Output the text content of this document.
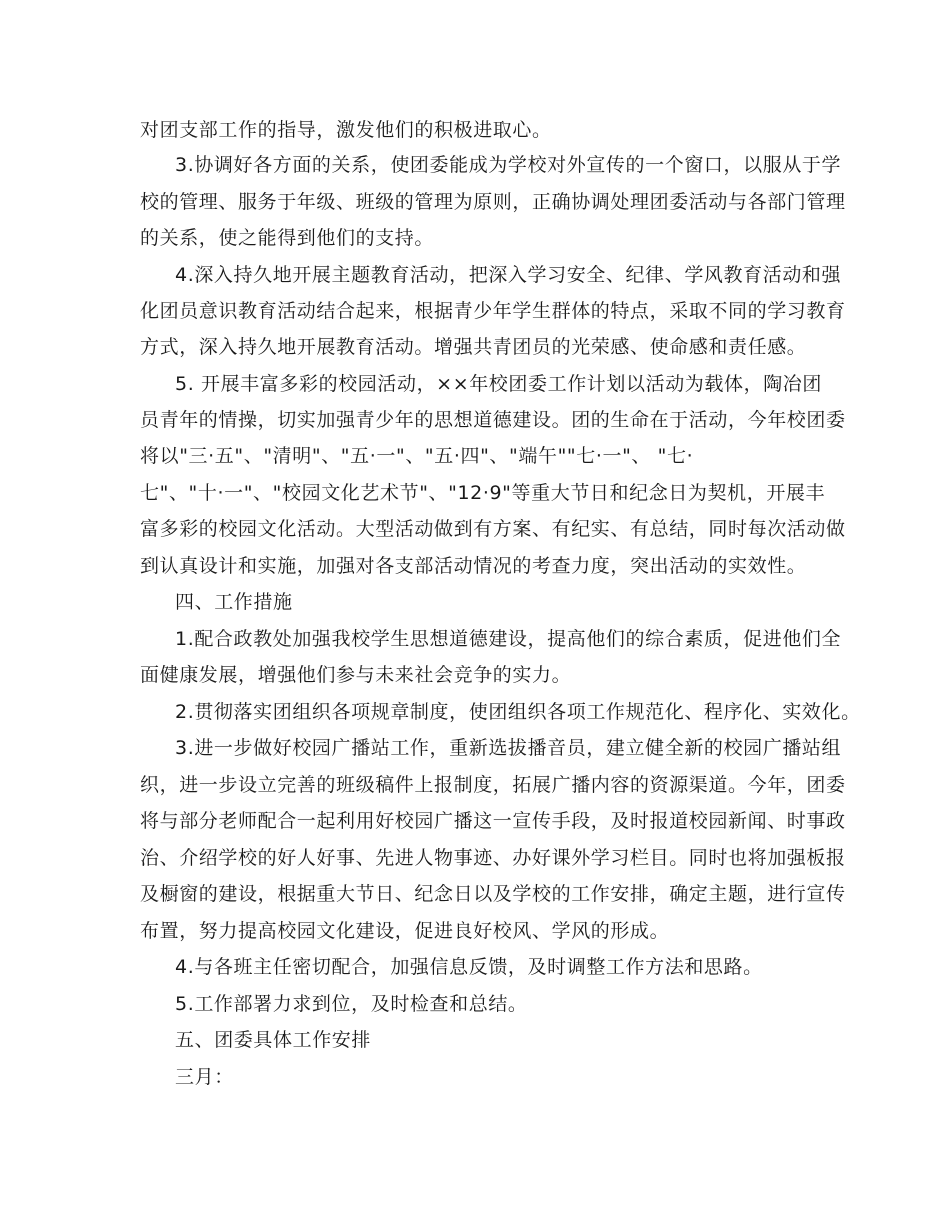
对团支部工作的指导，激发他们的积极进取心。

3.协调好各方面的关系，使团委能成为学校对外宣传的一个窗口，以服从于学

校的管理、服务于年级、班级的管理为原则，正确协调处理团委活动与各部门管理

的关系，使之能得到他们的支持。

4.深入持久地开展主题教育活动，把深入学习安全、纪律、学风教育活动和强

化团员意识教育活动结合起来，根据青少年学生群体的特点，采取不同的学习教育

方式，深入持久地开展教育活动。增强共青团员的光荣感、使命感和责任感。

5. 开展丰富多彩的校园活动，××年校团委工作计划以活动为载体，陶冶团

员青年的情操，切实加强青少年的思想道德建设。团的生命在于活动，今年校团委

将以"三·五"、"清明"、"五·一"、"五·四"、"端午""七·一"、 "七·

七"、"十·一"、"校园文化艺术节"、"12·9"等重大节日和纪念日为契机，开展丰

富多彩的校园文化活动。大型活动做到有方案、有纪实、有总结，同时每次活动做

到认真设计和实施，加强对各支部活动情况的考查力度，突出活动的实效性。

四、工作措施

1.配合政教处加强我校学生思想道德建设，提高他们的综合素质，促进他们全

面健康发展，增强他们参与未来社会竞争的实力。

2.贯彻落实团组织各项规章制度，使团组织各项工作规范化、程序化、实效化。

3.进一步做好校园广播站工作，重新选拔播音员，建立健全新的校园广播站组

织，进一步设立完善的班级稿件上报制度，拓展广播内容的资源渠道。今年，团委

将与部分老师配合一起利用好校园广播这一宣传手段，及时报道校园新闻、时事政

治、介绍学校的好人好事、先进人物事迹、办好课外学习栏目。同时也将加强板报

及橱窗的建设，根据重大节日、纪念日以及学校的工作安排，确定主题，进行宣传

布置，努力提高校园文化建设，促进良好校风、学风的形成。

4.与各班主任密切配合，加强信息反馈，及时调整工作方法和思路。

5.工作部署力求到位，及时检查和总结。

五、团委具体工作安排

三月：
